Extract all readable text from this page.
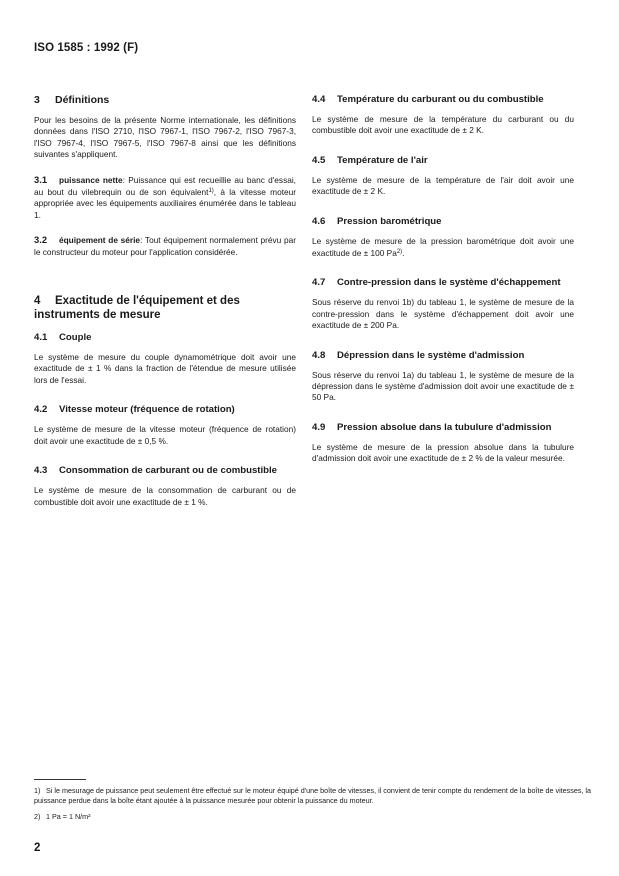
ISO 1585 : 1992 (F)
3 Définitions

Pour les besoins de la présente Norme internationale, les définitions données dans l'ISO 2710, l'ISO 7967-1, l'ISO 7967-2, l'ISO 7967-3, l'ISO 7967-4, l'ISO 7967-5, l'ISO 7967-8 ainsi que les définitions suivantes s'appliquent.

3.1 puissance nette: Puissance qui est recueillie au banc d'essai, au bout du vilebrequin ou de son équivalent$^{1)}$, à la vitesse moteur appropriée avec les équipements auxiliaires énumérée dans le tableau 1.

3.2 équipement de série: Tout équipement normalement prévu par le constructeur du moteur pour l'application considérée.

4 Exactitude de l'équipement et des instruments de mesure
4.1 Couple

Le système de mesure du couple dynamométrique doit avoir une exactitude de ± 1 % dans la fraction de l'étendue de mesure utilisée lors de l'essai.

4.2 Vitesse moteur (fréquence de rotation)

Le système de mesure de la vitesse moteur (fréquence de rotation) doit avoir une exactitude de ± 0,5 %.

4.3 Consommation de carburant ou de combustible

Le système de mesure de la consommation de carburant ou de combustible doit avoir une exactitude de ± 1 %.

4.4 Température du carburant ou du combustible

Le système de mesure de la température du carburant ou du combustible doit avoir une exactitude de ± 2 K.

4.5 Température de l'air

Le système de mesure de la température de l'air doit avoir une exactitude de ± 2 K.

4.6 Pression barométrique

Le système de mesure de la pression barométrique doit avoir une exactitude de ± 100 Pa$^{2)}$.

4.7 Contre-pression dans le système d'échappement

Sous réserve du renvoi 1b) du tableau 1, le système de mesure de la contre-pression dans le système d'échappement doit avoir une exactitude de ± 200 Pa.

4.8 Dépression dans le système d'admission

Sous réserve du renvoi 1a) du tableau 1, le système de mesure de la dépression dans le système d'admission doit avoir une exactitude de ± 50 Pa.

4.9 Pression absolue dans la tubulure d'admission

Le système de mesure de la pression absolue dans la tubulure d'admission doit avoir une exactitude de ± 2 % de la valeur mesurée.

1) Si le mesurage de puissance peut seulement être effectué sur le moteur équipé d'une boîte de vitesses, il convient de tenir compte du rendement de la boîte de vitesses, la puissance perdue dans la boîte étant ajoutée à la puissance mesurée pour obtenir la puissance du moteur.
2) 1 Pa = 1 N/m²
2
